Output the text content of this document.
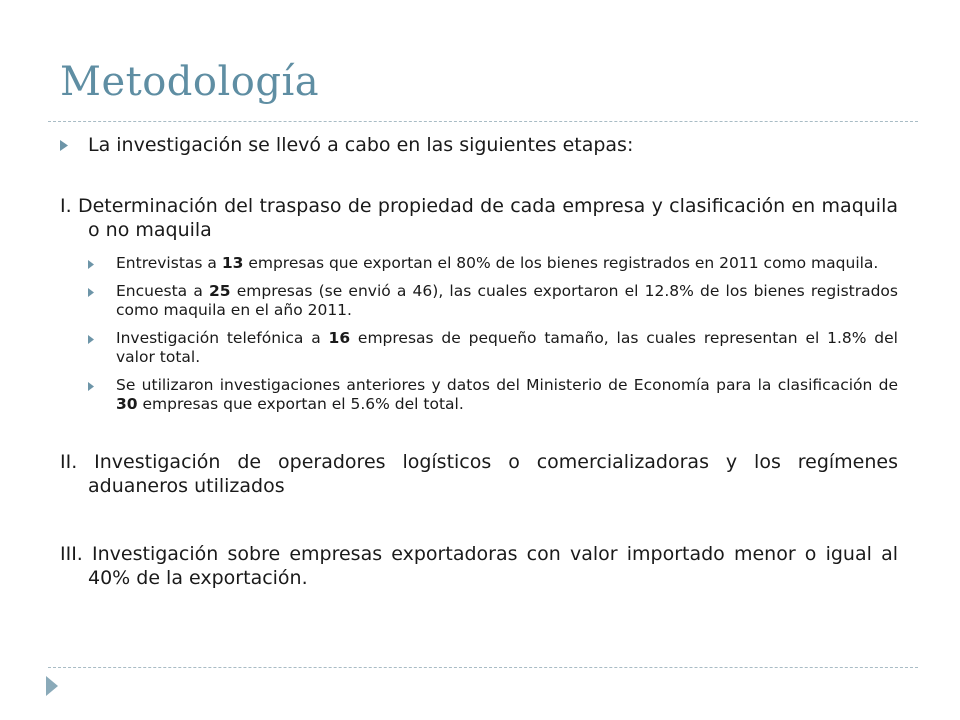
Metodología
La investigación se llevó a cabo en las siguientes etapas:

I. Determinación del traspaso de propiedad de cada empresa y clasificación en maquila o no maquila

Entrevistas a 13 empresas que exportan el 80% de los bienes registrados en 2011 como maquila.
Encuesta a 25 empresas (se envió a 46), las cuales exportaron el 12.8% de los bienes registrados como maquila en el año 2011.
Investigación telefónica a 16 empresas de pequeño tamaño, las cuales representan el 1.8% del valor total.
Se utilizaron investigaciones anteriores y datos del Ministerio de Economía para la clasificación de 30 empresas que exportan el 5.6% del total.

II. Investigación de operadores logísticos o comercializadoras y los regímenes aduaneros utilizados

III. Investigación sobre empresas exportadoras con valor importado menor o igual al 40% de la exportación.
